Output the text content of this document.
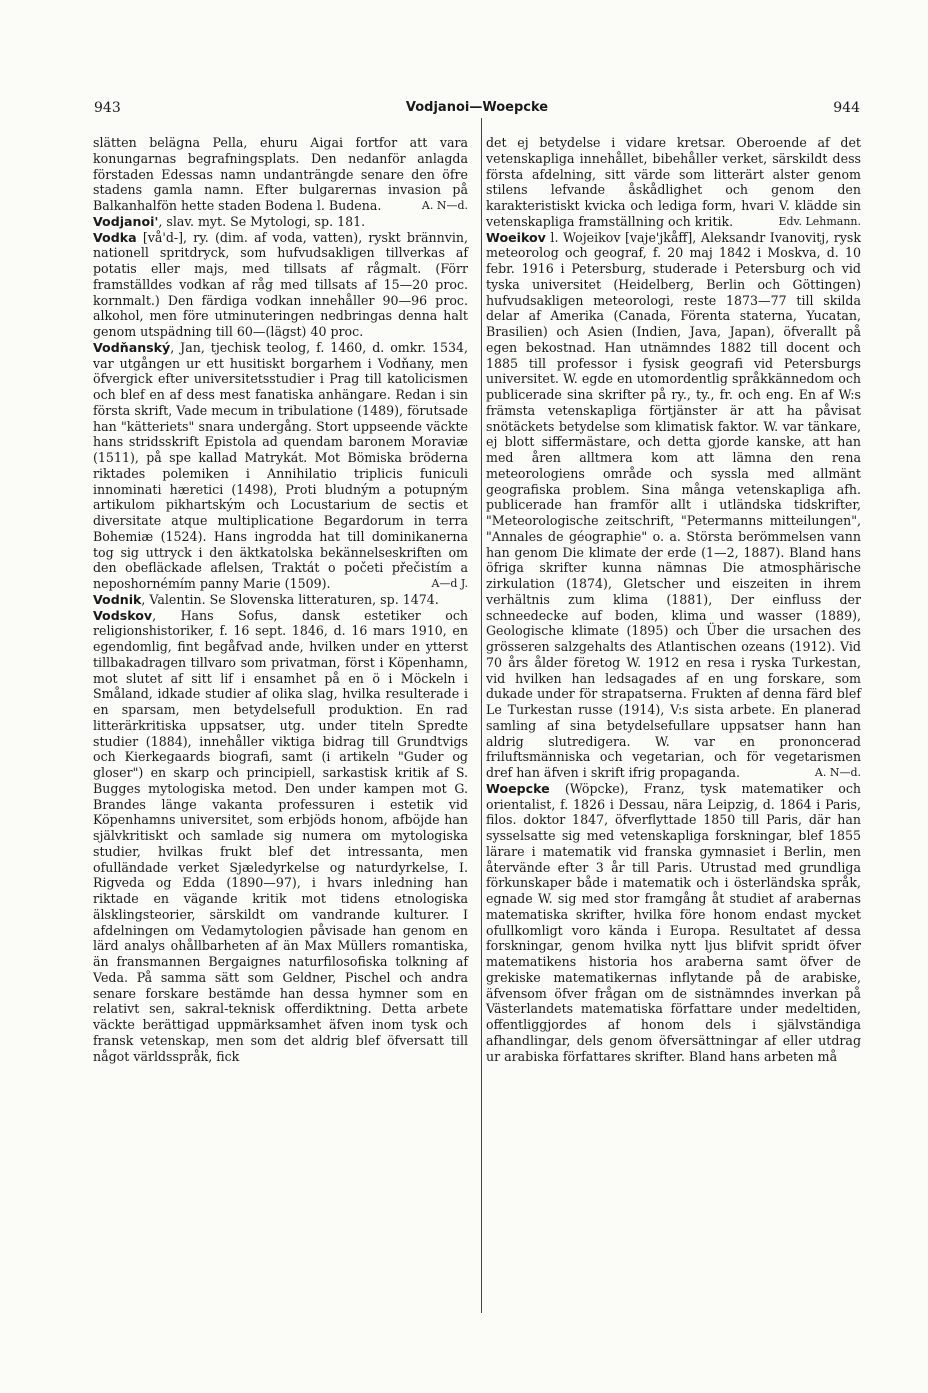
943	Vodjanoi—Woepcke	944

slätten belägna Pella, ehuru Aigai fortfor att vara konungarnas begrafningsplats. Den nedanför anlagda förstaden Edessas namn undanträngde senare den öfre stadens gamla namn. Efter bulgarernas invasion på Balkanhalfön hette staden Bodena l. Budena.	A. N—d.

Vodjanoi', slav. myt. Se Mytologi, sp. 181.

Vodka [vå'd-], ry. (dim. af voda, vatten), ryskt brännvin, nationell spritdryck, som hufvudsakligen tillverkas af potatis eller majs, med tillsats af rågmalt. (Förr framställdes vodkan af råg med tillsats af 15—20 proc. kornmalt.) Den färdiga vodkan innehåller 90—96 proc. alkohol, men före utminuteringen nedbringas denna halt genom utspädning till 60—(lägst) 40 proc.

Vodňanský, Jan, tjechisk teolog, f. 1460, d. omkr. 1534, var utgången ur ett husitiskt borgarhem i Vodňany, men öfvergick efter universitetsstudier i Prag till katolicismen och blef en af dess mest fanatiska anhängare. Redan i sin första skrift, Vade mecum in tribulatione (1489), förutsade han "kätteriets" snara undergång. Stort uppseende väckte hans stridsskrift Epistola ad quendam baronem Moraviæ (1511), på spe kallad Matrykát. Mot Bömiska bröderna riktades polemiken i Annihilatio triplicis funiculi innominati hæretici (1498), Proti bludným a potupným artikulom pikhartským och Locustarium de sectis et diversitate atque multiplicatione Begardorum in terra Bohemiæ (1524). Hans ingrodda hat till dominikanerna tog sig uttryck i den äktkatolska bekännelseskriften om den obefläckade aflelsen, Traktát o početi přečistím a neposhornémím panny Marie (1509).	A—d J.

Vodnik, Valentin. Se Slovenska litteraturen, sp. 1474.

Vodskov, Hans Sofus, dansk estetiker och religionshistoriker, f. 16 sept. 1846, d. 16 mars 1910, en egendomlig, fint begåfvad ande, hvilken under en ytterst tillbakadragen tillvaro som privatman, först i Köpenhamn, mot slutet af sitt lif i ensamhet på en ö i Möckeln i Småland, idkade studier af olika slag, hvilka resulterade i en sparsam, men betydelsefull produktion. En rad litterärkritiska uppsatser, utg. under titeln Spredte studier (1884), innehåller viktiga bidrag till Grundtvigs och Kierkegaards biografi, samt (i artikeln "Guder og gloser") en skarp och principiell, sarkastisk kritik af S. Bugges mytologiska metod. Den under kampen mot G. Brandes länge vakanta professuren i estetik vid Köpenhamns universitet, som erbjöds honom, afböjde han självkritiskt och samlade sig numera om mytologiska studier, hvilkas frukt blef det intressanta, men ofulländade verket Sjæledyrkelse og naturdyrkelse, I. Rigveda og Edda (1890—97), i hvars inledning han riktade en vägande kritik mot tidens etnologiska älsklingsteorier, särskildt om vandrande kulturer. I afdelningen om Vedamytologien påvisade han genom en lärd analys ohållbarheten af än Max Müllers romantiska, än fransmannen Bergaignes naturfilosofiska tolkning af Veda. På samma sätt som Geldner, Pischel och andra senare forskare bestämde han dessa hymner som en relativt sen, sakral-teknisk offerdiktning. Detta arbete väckte berättigad uppmärksamhet äfven inom tysk och fransk vetenskap, men som det aldrig blef öfversatt till något världsspråk, fick

det ej betydelse i vidare kretsar. Oberoende af det vetenskapliga innehållet, bibehåller verket, särskildt dess första afdelning, sitt värde som litterärt alster genom stilens lefvande åskådlighet och genom den karakteristiskt kvicka och lediga form, hvari V. klädde sin vetenskapliga framställning och kritik.	Edv. Lehmann.

Woeikov l. Wojeikov [vaje'jkåff], Aleksandr Ivanovitj, rysk meteorolog och geograf, f. 20 maj 1842 i Moskva, d. 10 febr. 1916 i Petersburg, studerade i Petersburg och vid tyska universitet (Heidelberg, Berlin och Göttingen) hufvudsakligen meteorologi, reste 1873—77 till skilda delar af Amerika (Canada, Förenta staterna, Yucatan, Brasilien) och Asien (Indien, Java, Japan), öfverallt på egen bekostnad. Han utnämndes 1882 till docent och 1885 till professor i fysisk geografi vid Petersburgs universitet. W. egde en utomordentlig språkkännedom och publicerade sina skrifter på ry., ty., fr. och eng. En af W:s främsta vetenskapliga förtjänster är att ha påvisat snötäckets betydelse som klimatisk faktor. W. var tänkare, ej blott siffermästare, och detta gjorde kanske, att han med åren alltmera kom att lämna den rena meteorologiens område och syssla med allmänt geografiska problem. Sina många vetenskapliga afh. publicerade han framför allt i utländska tidskrifter, "Meteorologische zeitschrift, "Petermanns mitteilungen", "Annales de géographie" o. a. Största berömmelsen vann han genom Die klimate der erde (1—2, 1887). Bland hans öfriga skrifter kunna nämnas Die atmosphärische zirkulation (1874), Gletscher und eiszeiten in ihrem verhältnis zum klima (1881), Der einfluss der schneedecke auf boden, klima und wasser (1889), Geologische klimate (1895) och Über die ursachen des grösseren salzgehalts des Atlantischen ozeans (1912). Vid 70 års ålder företog W. 1912 en resa i ryska Turkestan, vid hvilken han ledsagades af en ung forskare, som dukade under för strapatserna. Frukten af denna färd blef Le Turkestan russe (1914), V:s sista arbete. En planerad samling af sina betydelsefullare uppsatser hann han aldrig slutredigera. W. var en prononcerad friluftsmänniska och vegetarian, och för vegetarismen dref han äfven i skrift ifrig propaganda.	A. N—d.

Woepcke (Wöpcke), Franz, tysk matematiker och orientalist, f. 1826 i Dessau, nära Leipzig, d. 1864 i Paris, filos. doktor 1847, öfverflyttade 1850 till Paris, där han sysselsatte sig med vetenskapliga forskningar, blef 1855 lärare i matematik vid franska gymnasiet i Berlin, men återvände efter 3 år till Paris. Utrustad med grundliga förkunskaper både i matematik och i österländska språk, egnade W. sig med stor framgång åt studiet af arabernas matematiska skrifter, hvilka före honom endast mycket ofullkomligt voro kända i Europa. Resultatet af dessa forskningar, genom hvilka nytt ljus blifvit spridt öfver matematikens historia hos araberna samt öfver de grekiske matematikernas inflytande på de arabiske, äfvensom öfver frågan om de sistnämndes inverkan på Västerlandets matematiska författare under medeltiden, offentliggjordes af honom dels i självständiga afhandlingar, dels genom öfversättningar af eller utdrag ur arabiska författares skrifter. Bland hans arbeten må
